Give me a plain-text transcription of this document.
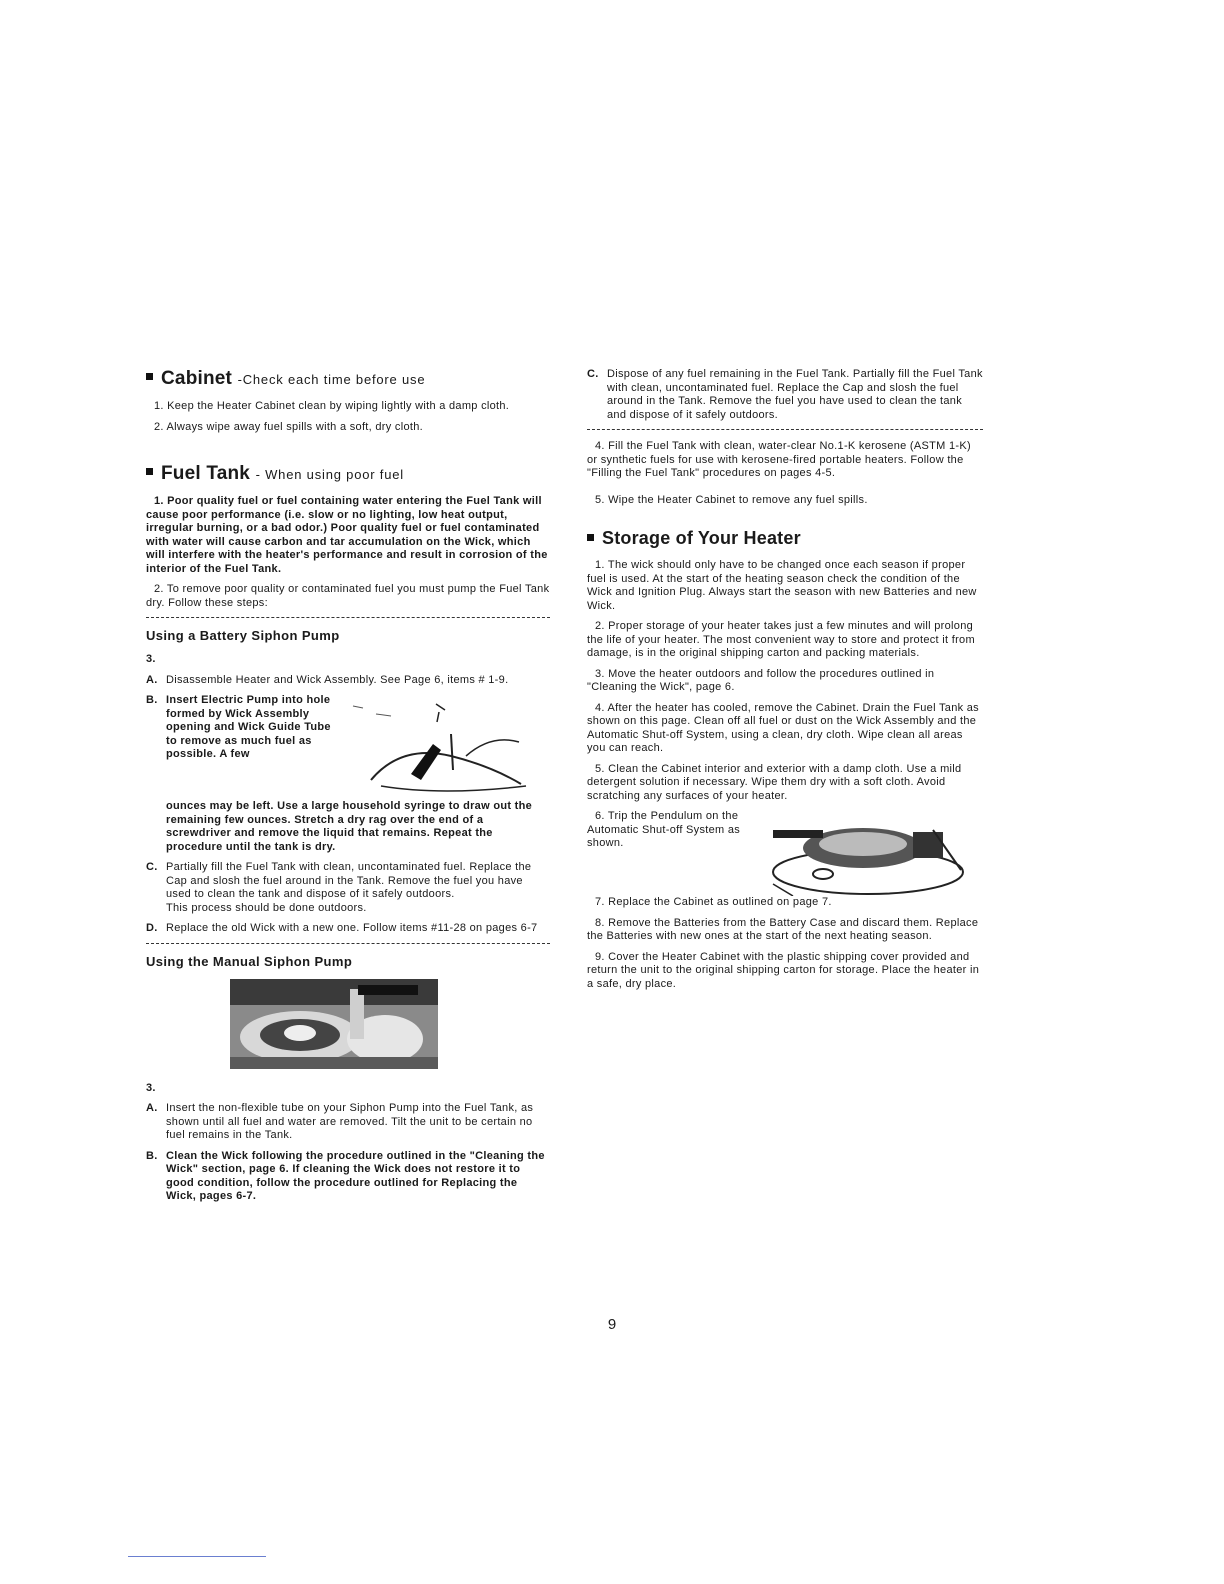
Cabinet -Check each time before use

1. Keep the Heater Cabinet clean by wiping lightly with a damp cloth.

2. Always wipe away fuel spills with a soft, dry cloth.

Fuel Tank - When using poor fuel

1. Poor quality fuel or fuel containing water entering the Fuel Tank will cause poor performance (i.e. slow or no lighting, low heat output, irregular burning, or a bad odor.) Poor quality fuel or fuel contaminated with water will cause carbon and tar accumulation on the Wick, which will interfere with the heater's performance and result in corrosion of the interior of the Fuel Tank.

2. To remove poor quality or contaminated fuel you must pump the Fuel Tank dry. Follow these steps:

Using a Battery Siphon Pump

3.

A. Disassemble Heater and Wick Assembly. See Page 6, items # 1-9.

B. Insert Electric Pump into hole formed by Wick Assembly opening and Wick Guide Tube to remove as much fuel as possible. A few

ounces may be left. Use a large household syringe to draw out the remaining few ounces. Stretch a dry rag over the end of a screwdriver and remove the liquid that remains. Repeat the procedure until the tank is dry.

C. Partially fill the Fuel Tank with clean, uncontaminated fuel. Replace the Cap and slosh the fuel around in the Tank. Remove the fuel you have used to clean the tank and dispose of it safely outdoors.

This process should be done outdoors.

D. Replace the old Wick with a new one. Follow items #11-28 on pages 6-7

Using the Manual Siphon Pump

3.

A. Insert the non-flexible tube on your Siphon Pump into the Fuel Tank, as shown until all fuel and water are removed. Tilt the unit to be certain no fuel remains in the Tank.

B. Clean the Wick following the procedure outlined in the "Cleaning the Wick" section, page 6. If cleaning the Wick does not restore it to good condition, follow the procedure outlined for Replacing the Wick, pages 6-7.

C. Dispose of any fuel remaining in the Fuel Tank. Partially fill the Fuel Tank with clean, uncontaminated fuel. Replace the Cap and slosh the fuel around in the Tank. Remove the fuel you have used to clean the tank and dispose of it safely outdoors.

4. Fill the Fuel Tank with clean, water-clear No.1-K kerosene (ASTM 1-K) or synthetic fuels for use with kerosene-fired portable heaters. Follow the "Filling the Fuel Tank" procedures on pages 4-5.

5. Wipe the Heater Cabinet to remove any fuel spills.

Storage of Your Heater

1. The wick should only have to be changed once each season if proper fuel is used. At the start of the heating season check the condition of the Wick and Ignition Plug. Always start the season with new Batteries and new Wick.

2. Proper storage of your heater takes just a few minutes and will prolong the life of your heater. The most convenient way to store and protect it from damage, is in the original shipping carton and packing materials.

3. Move the heater outdoors and follow the procedures outlined in "Cleaning the Wick", page 6.

4. After the heater has cooled, remove the Cabinet. Drain the Fuel Tank as shown on this page. Clean off all fuel or dust on the Wick Assembly and the Automatic Shut-off System, using a clean, dry cloth. Wipe clean all areas you can reach.

5. Clean the Cabinet interior and exterior with a damp cloth. Use a mild detergent solution if necessary. Wipe them dry with a soft cloth. Avoid scratching any surfaces of your heater.

6. Trip the Pendulum on the Automatic Shut-off System as shown.

7. Replace the Cabinet as outlined on page 7.

8. Remove the Batteries from the Battery Case and discard them. Replace the Batteries with new ones at the start of the next heating season.

9. Cover the Heater Cabinet with the plastic shipping cover provided and return the unit to the original shipping carton for storage. Place the heater in a safe, dry place.

9
